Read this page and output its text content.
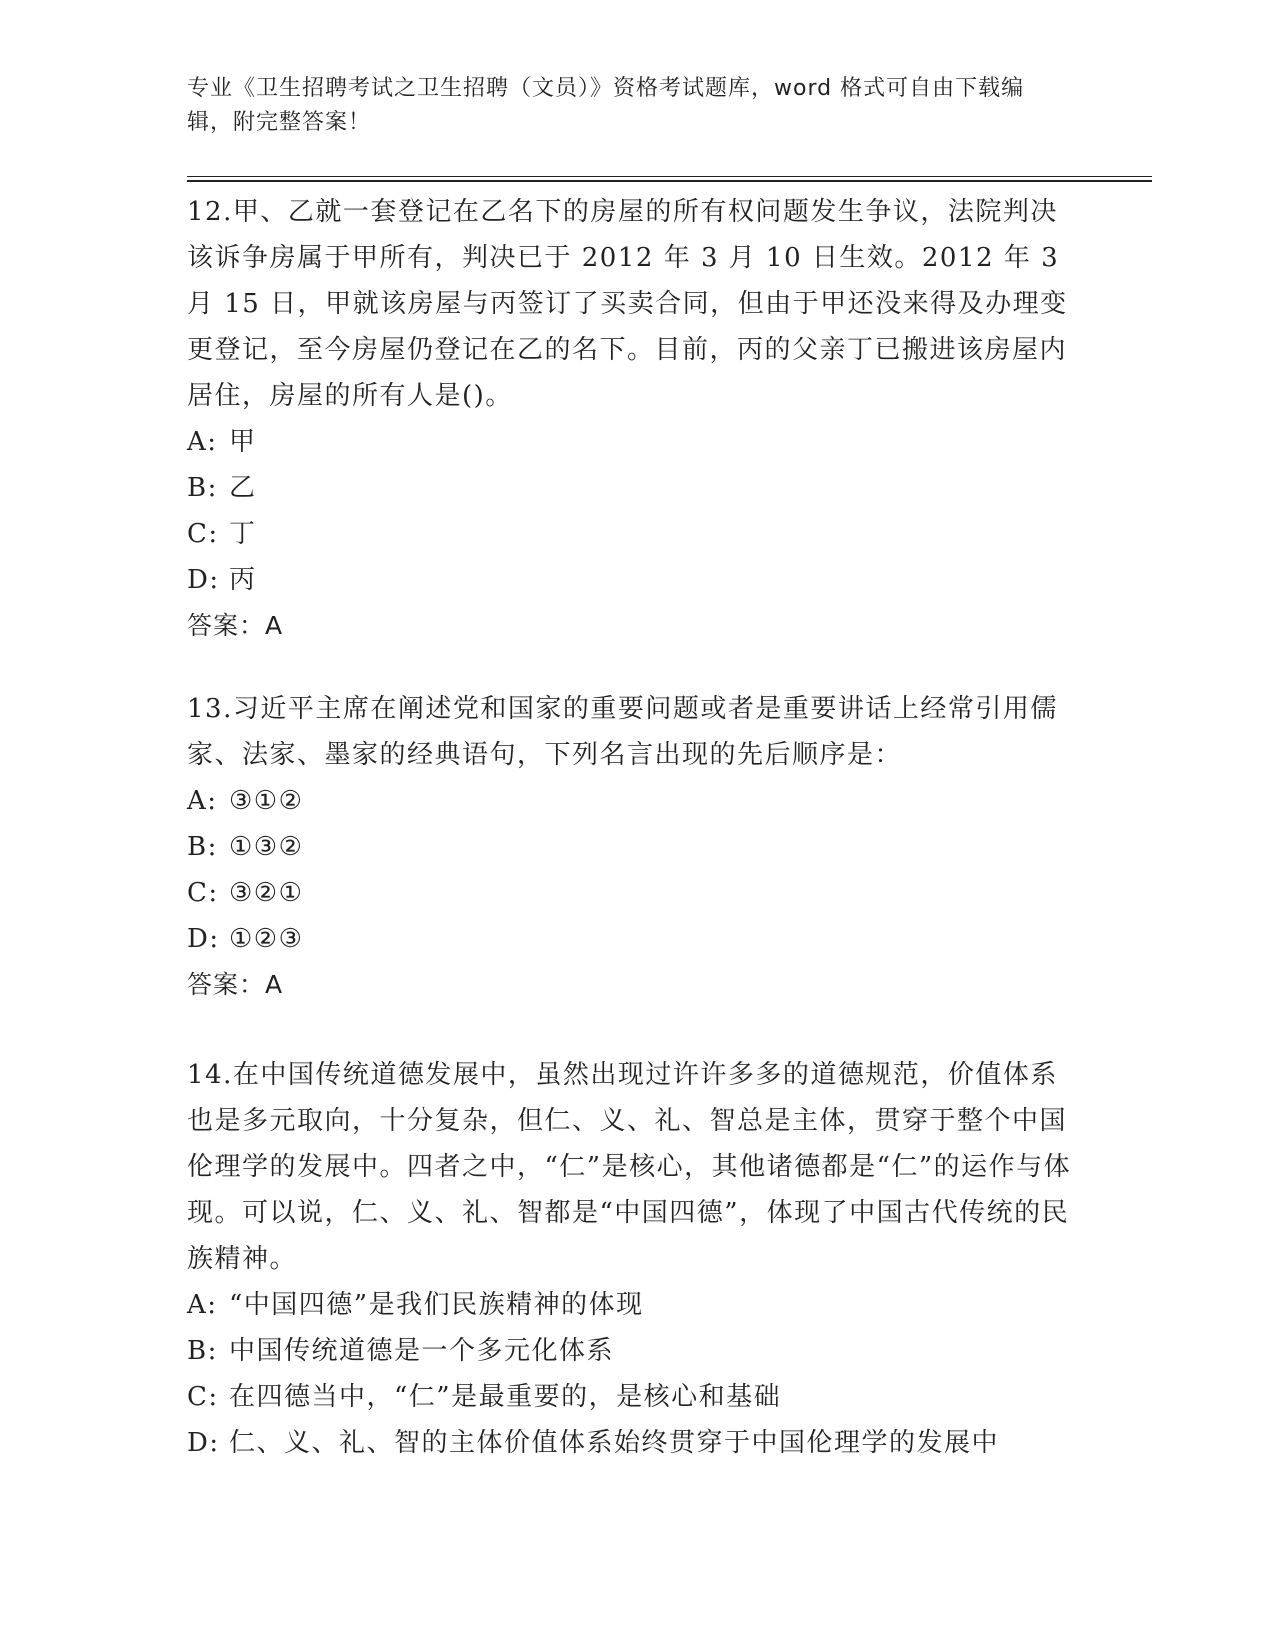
专业《卫生招聘考试之卫生招聘（文员）》资格考试题库，word 格式可自由下载编辑，附完整答案！

12.甲、乙就一套登记在乙名下的房屋的所有权问题发生争议，法院判决该诉争房属于甲所有，判决已于 2012 年 3 月 10 日生效。2012 年 3 月 15 日，甲就该房屋与丙签订了买卖合同，但由于甲还没来得及办理变更登记，至今房屋仍登记在乙的名下。目前，丙的父亲丁已搬进该房屋内居住，房屋的所有人是()。

A: 甲

B: 乙

C: 丁

D: 丙

答案：A

13.习近平主席在阐述党和国家的重要问题或者是重要讲话上经常引用儒家、法家、墨家的经典语句，下列名言出现的先后顺序是：

A: ③①②

B: ①③②

C: ③②①

D: ①②③

答案：A

14.在中国传统道德发展中，虽然出现过许许多多的道德规范，价值体系也是多元取向，十分复杂，但仁、义、礼、智总是主体，贯穿于整个中国伦理学的发展中。四者之中，“仁”是核心，其他诸德都是“仁”的运作与体现。可以说，仁、义、礼、智都是“中国四德”，体现了中国古代传统的民族精神。

A: “中国四德”是我们民族精神的体现

B: 中国传统道德是一个多元化体系

C: 在四德当中，“仁”是最重要的，是核心和基础

D: 仁、义、礼、智的主体价值体系始终贯穿于中国伦理学的发展中
